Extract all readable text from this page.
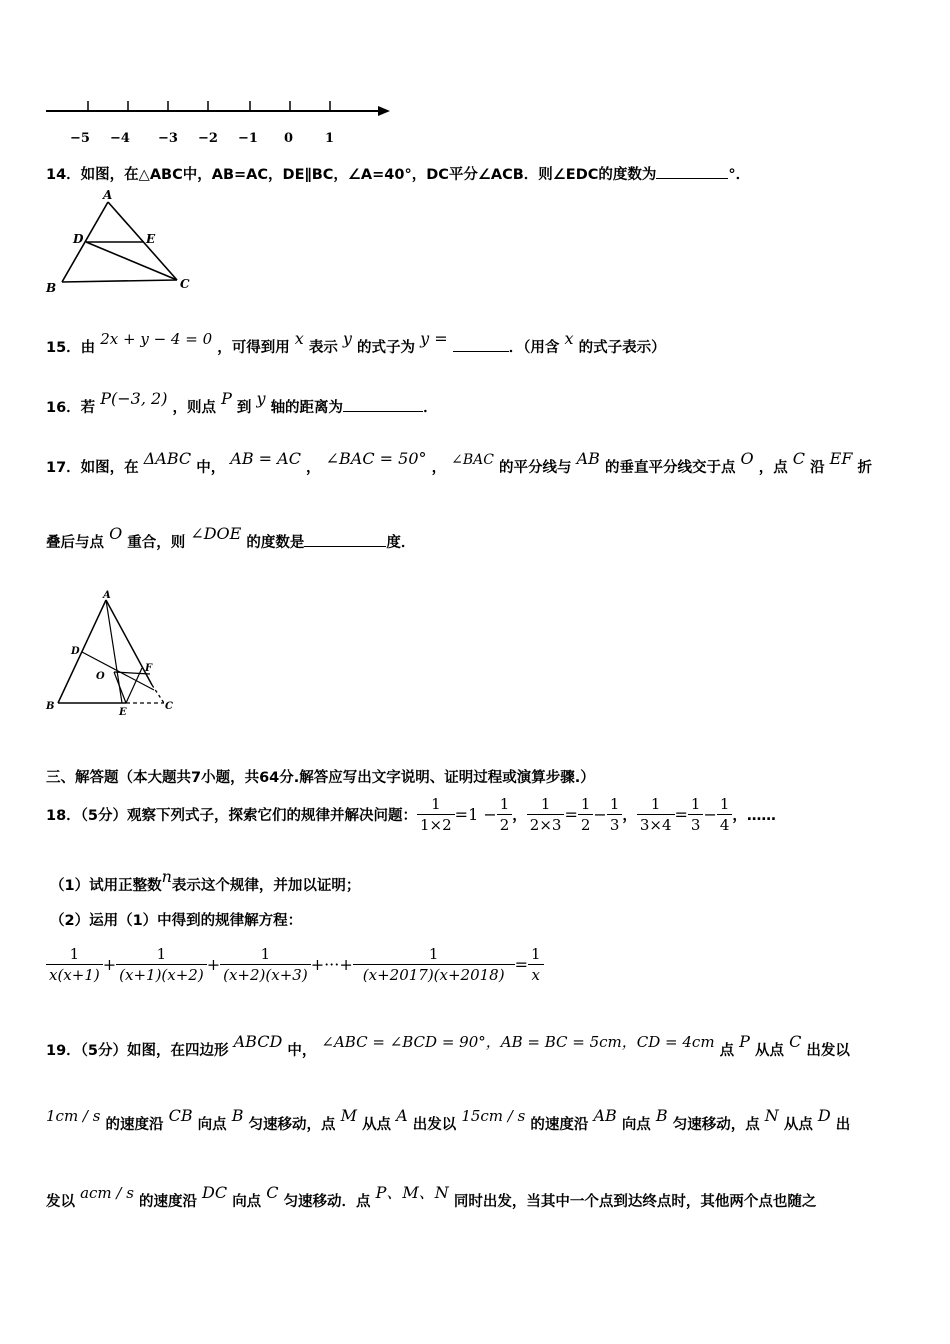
−5 −4 −3 −2 −1 0 1
14．如图，在△ABC中，AB=AC，DE∥BC，∠A=40°，DC平分∠ACB．则∠EDC的度数为	°．
A
D	E
B	C
15．由 2x + y − 4 = 0 ，可得到用 x 表示 y 的式子为 y =	．（用含 x 的式子表示）
16．若 P(−3, 2) ，则点 P 到 y 轴的距离为	．
17．如图，在 ΔABC 中， AB = AC ， ∠BAC = 50° ， ∠BAC 的平分线与 AB 的垂直平分线交于点 O ，点 C 沿 EF 折
叠后与点 O 重合，则 ∠DOE 的度数是	度．
A
D
F
O
B
E
C
三、解答题（本大题共7小题，共64分.解答应写出文字说明、证明过程或演算步骤.）
18．（5分）观察下列式子，探索它们的规律并解决问题： $\frac{1}{1\times 2} =1 - \frac{1}{2}$ ， $\frac{1}{2\times 3} = \frac{1}{2} - \frac{1}{3}$ ， $\frac{1}{3\times 4} = \frac{1}{3} - \frac{1}{4}$ ，……
（1）试用正整数n表示这个规律，并加以证明；
（2）运用（1）中得到的规律解方程：
$\frac{1}{x(x+1)} + \frac{1}{(x+1)(x+2)} + \frac{1}{(x+2)(x+3)}$ +···+ $\frac{1}{(x+2017)(x+2018)} = \frac{1}{x}$
19．（5分）如图，在四边形 ABCD 中， ∠ABC = ∠BCD = 90°，AB = BC = 5cm，CD = 4cm 点 P 从点 C 出发以
1cm / s 的速度沿 CB 向点 B 匀速移动，点 M 从点 A 出发以 15cm / s 的速度沿 AB 向点 B 匀速移动，点 N 从点 D 出
发以 acm / s 的速度沿 DC 向点 C 匀速移动．点 P、M、N 同时出发，当其中一个点到达终点时，其他两个点也随之
